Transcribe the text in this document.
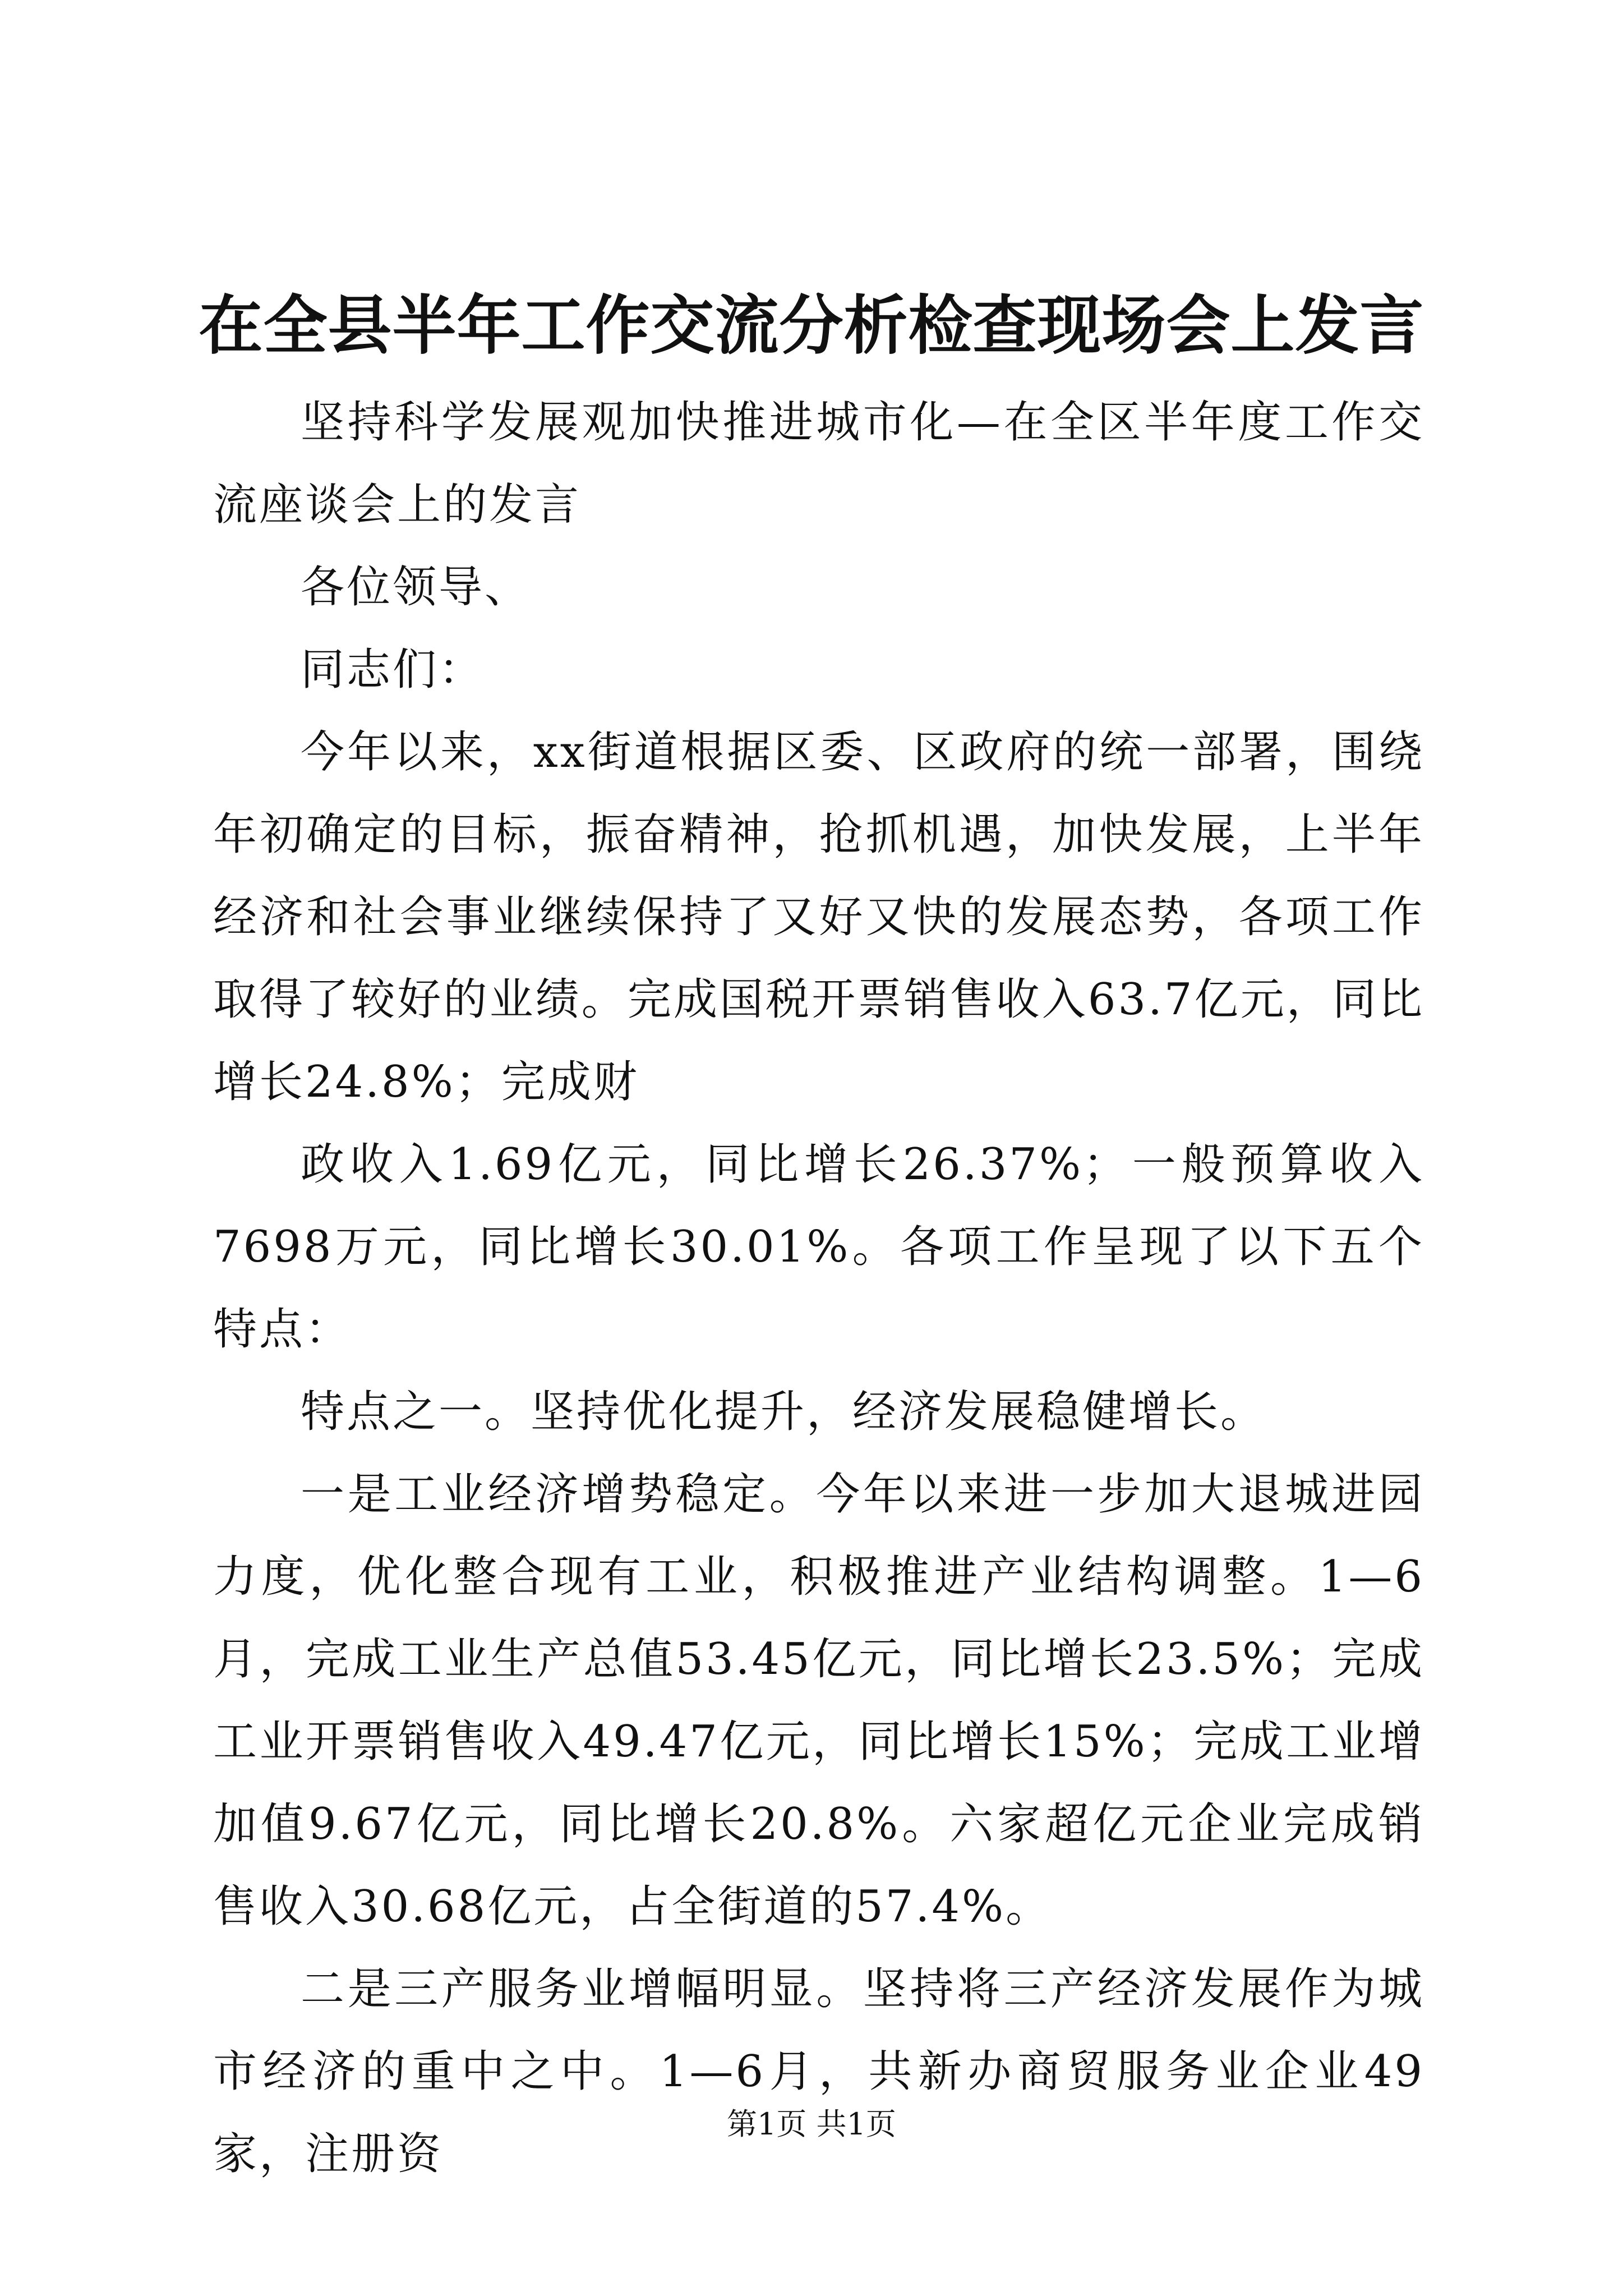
在全县半年工作交流分析检查现场会上发言

坚持科学发展观加快推进城市化—在全区半年度工作交流座谈会上的发言

各位领导、

同志们：

今年以来，xx街道根据区委、区政府的统一部署，围绕年初确定的目标，振奋精神，抢抓机遇，加快发展，上半年经济和社会事业继续保持了又好又快的发展态势，各项工作取得了较好的业绩。完成国税开票销售收入63.7亿元，同比增长24.8%；完成财

政收入1.69亿元，同比增长26.37%；一般预算收入7698万元，同比增长30.01%。各项工作呈现了以下五个特点：

特点之一。坚持优化提升，经济发展稳健增长。

一是工业经济增势稳定。今年以来进一步加大退城进园力度，优化整合现有工业，积极推进产业结构调整。1—6月，完成工业生产总值53.45亿元，同比增长23.5%；完成工业开票销售收入49.47亿元，同比增长15%；完成工业增加值9.67亿元，同比增长20.8%。六家超亿元企业完成销售收入30.68亿元，占全街道的57.4%。

二是三产服务业增幅明显。坚持将三产经济发展作为城市经济的重中之中。1—6月，共新办商贸服务业企业49家，注册资

第1页 共1页
